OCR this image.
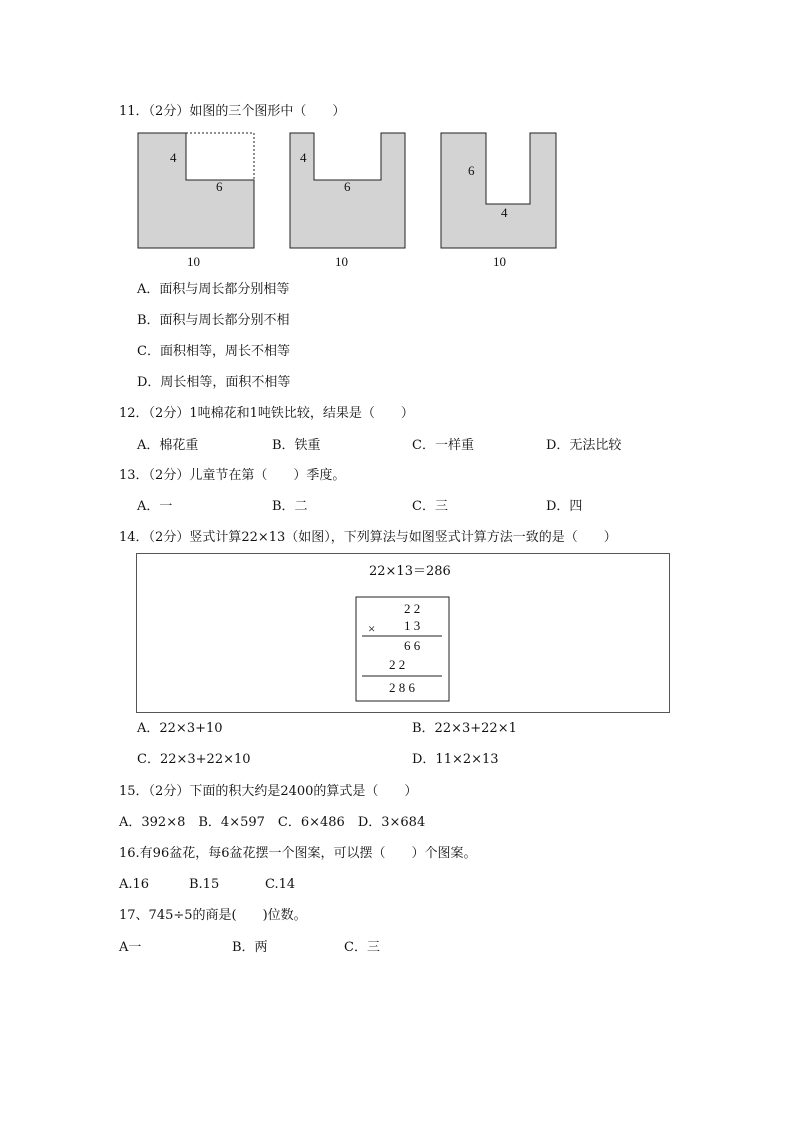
11．（2分）如图的三个图形中（　　）
4
6
10
4
6
10
6
4
10
A．面积与周长都分别相等
B．面积与周长都分别不相
C．面积相等，周长不相等
D．周长相等，面积不相等
12．（2分）1吨棉花和1吨铁比较，结果是（　　）
A．棉花重	B．铁重	C．一样重	D．无法比较
13．（2分）儿童节在第（　　）季度。
A．一	B．二	C．三	D．四
14．（2分）竖式计算22×13（如图），下列算法与如图竖式计算方法一致的是（　　）
22×13＝286
2 2
× 1 3
6 6
2 2
2 8 6
A．22×3+10	B．22×3+22×1
C．22×3+22×10	D．11×2×13
15．（2分）下面的积大约是2400的算式是（　　）
A．392×8　B．4×597　C．6×486　D．3×684
16.有96盆花，每6盆花摆一个图案，可以摆（　　）个图案。
A.16	B.15	C.14
17、745÷5的商是(　　)位数。
A一	B．两	C．三
